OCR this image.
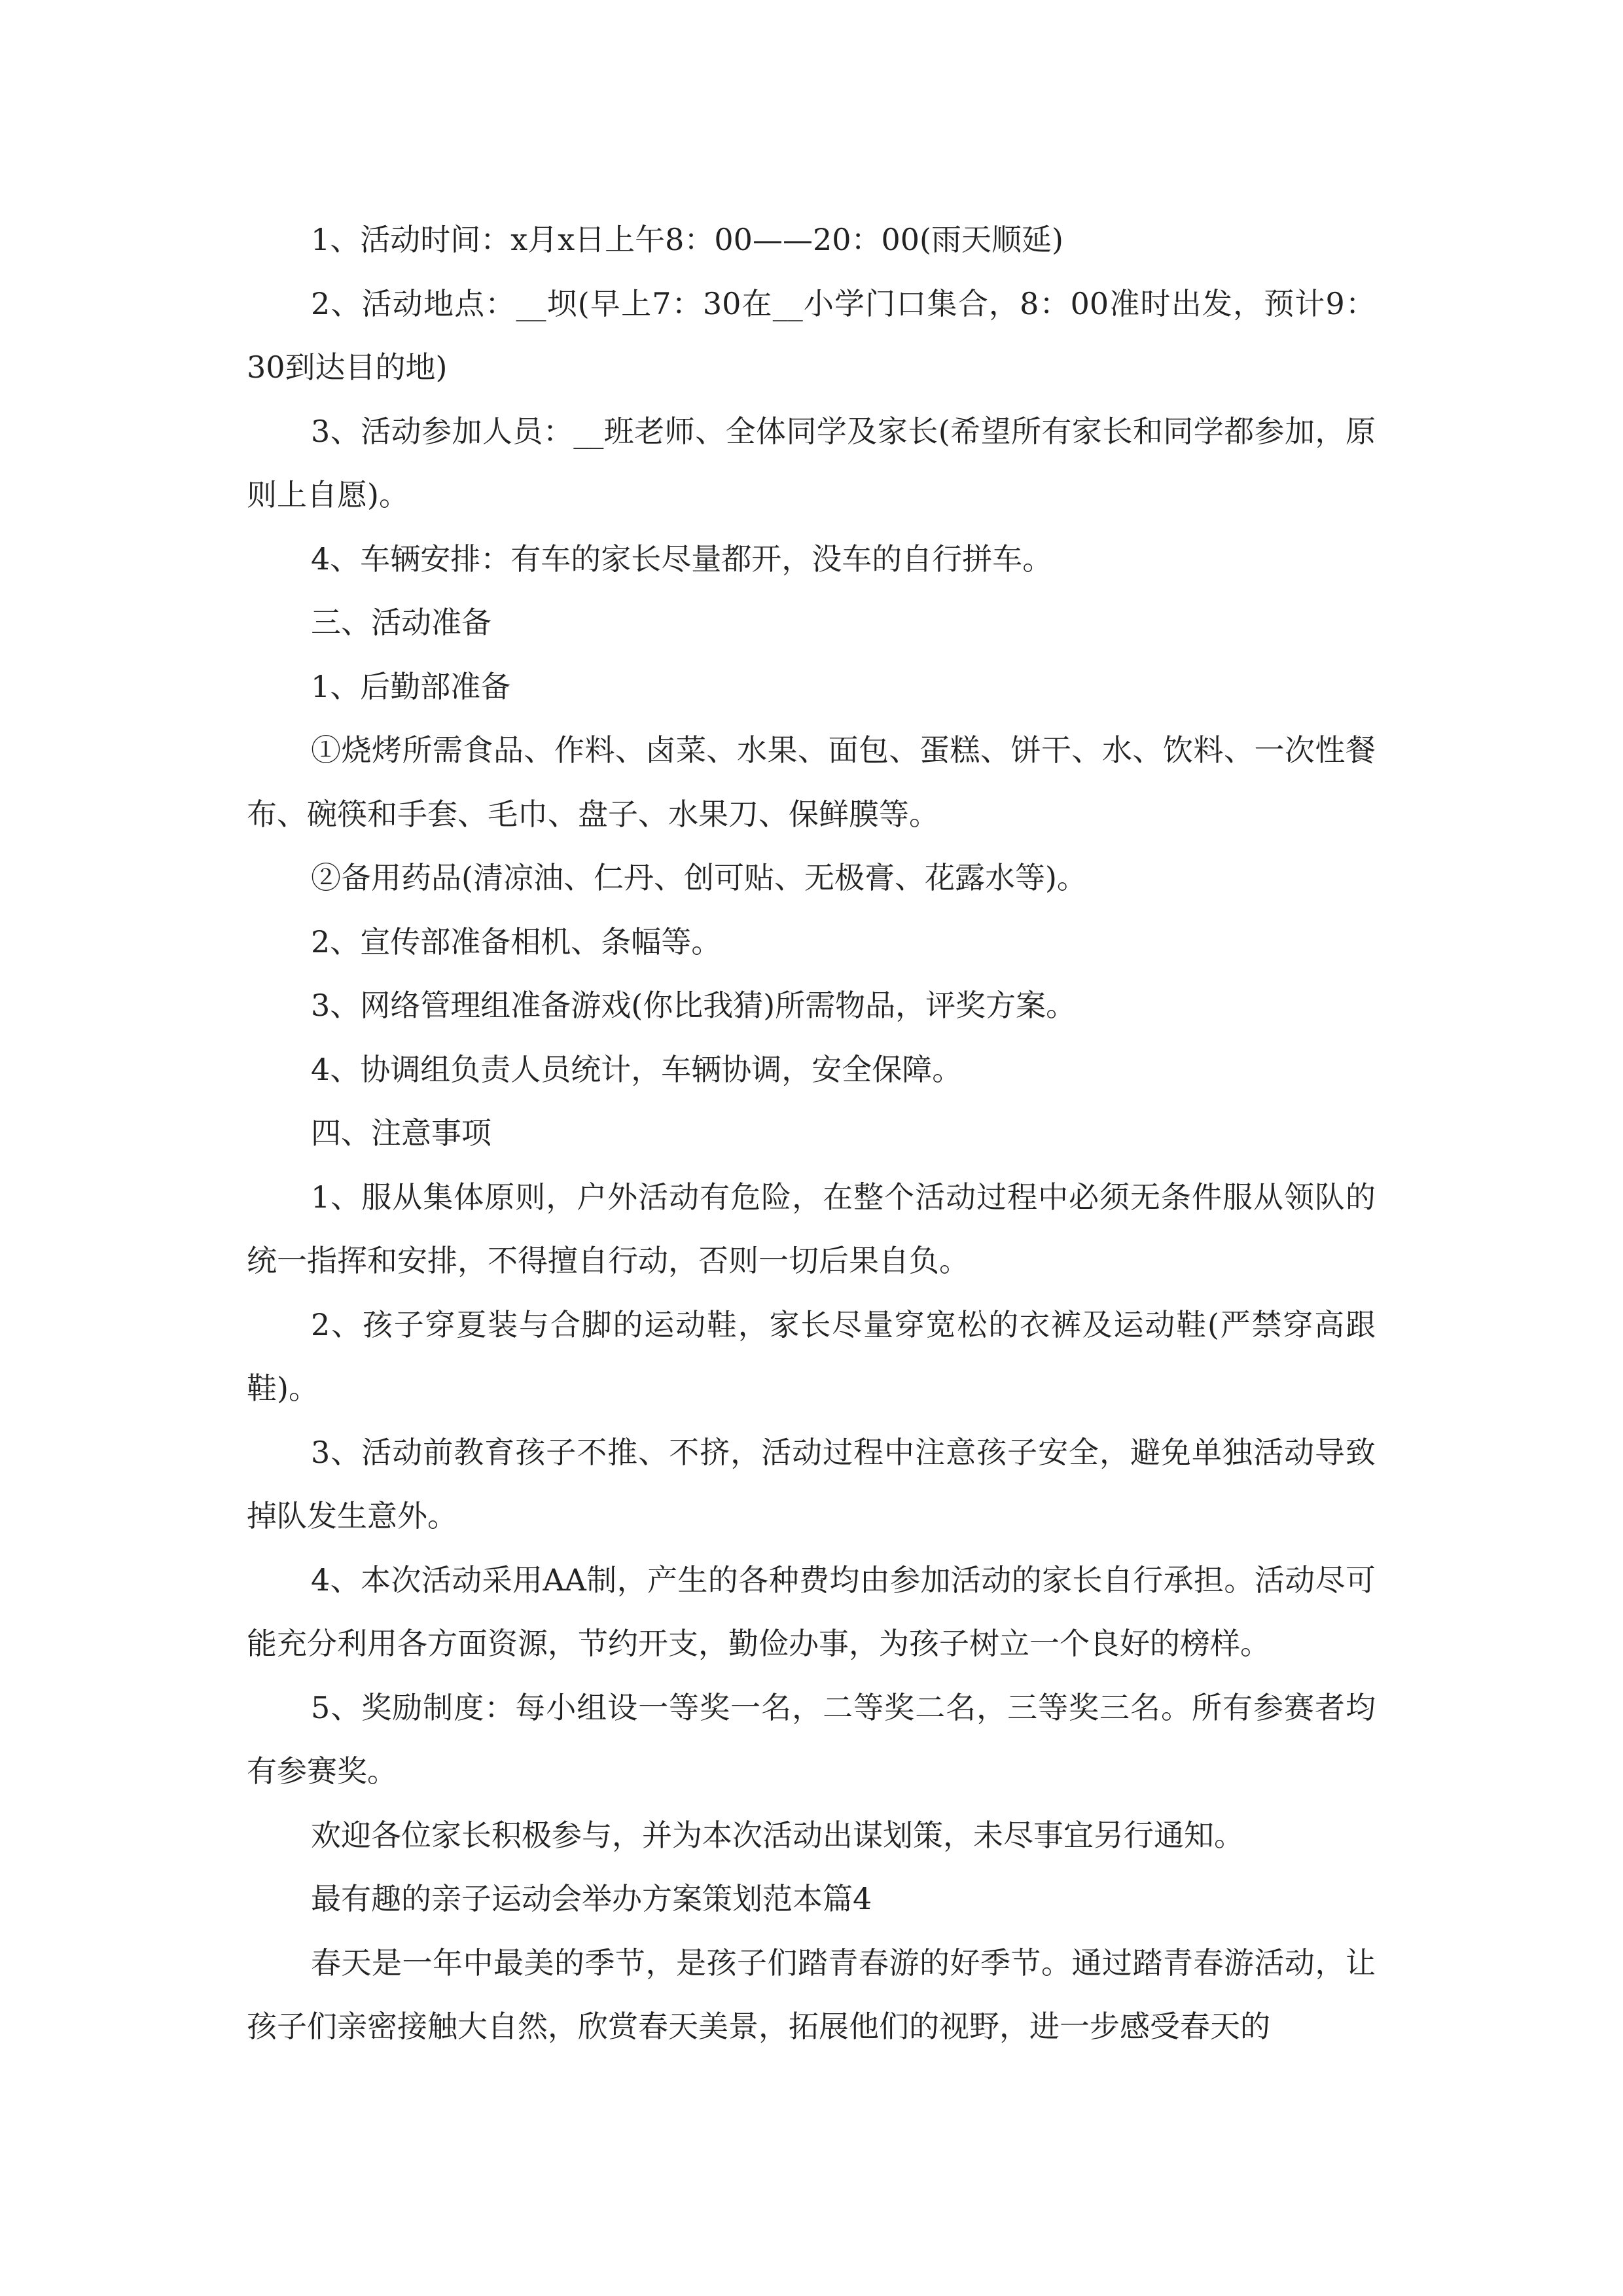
1、活动时间：x月x日上午8：00——20：00(雨天顺延)

2、活动地点：__坝(早上7：30在__小学门口集合，8：00准时出发，预计9：30到达目的地)

3、活动参加人员：__班老师、全体同学及家长(希望所有家长和同学都参加，原则上自愿)。

4、车辆安排：有车的家长尽量都开，没车的自行拼车。

三、活动准备

1、后勤部准备

①烧烤所需食品、作料、卤菜、水果、面包、蛋糕、饼干、水、饮料、一次性餐布、碗筷和手套、毛巾、盘子、水果刀、保鲜膜等。

②备用药品(清凉油、仁丹、创可贴、无极膏、花露水等)。

2、宣传部准备相机、条幅等。

3、网络管理组准备游戏(你比我猜)所需物品，评奖方案。

4、协调组负责人员统计，车辆协调，安全保障。

四、注意事项

1、服从集体原则，户外活动有危险，在整个活动过程中必须无条件服从领队的统一指挥和安排，不得擅自行动，否则一切后果自负。

2、孩子穿夏装与合脚的运动鞋，家长尽量穿宽松的衣裤及运动鞋(严禁穿高跟鞋)。

3、活动前教育孩子不推、不挤，活动过程中注意孩子安全，避免单独活动导致掉队发生意外。

4、本次活动采用AA制，产生的各种费均由参加活动的家长自行承担。活动尽可能充分利用各方面资源，节约开支，勤俭办事，为孩子树立一个良好的榜样。

5、奖励制度：每小组设一等奖一名，二等奖二名，三等奖三名。所有参赛者均有参赛奖。

欢迎各位家长积极参与，并为本次活动出谋划策，未尽事宜另行通知。

最有趣的亲子运动会举办方案策划范本篇4

春天是一年中最美的季节，是孩子们踏青春游的好季节。通过踏青春游活动，让孩子们亲密接触大自然，欣赏春天美景，拓展他们的视野，进一步感受春天的
